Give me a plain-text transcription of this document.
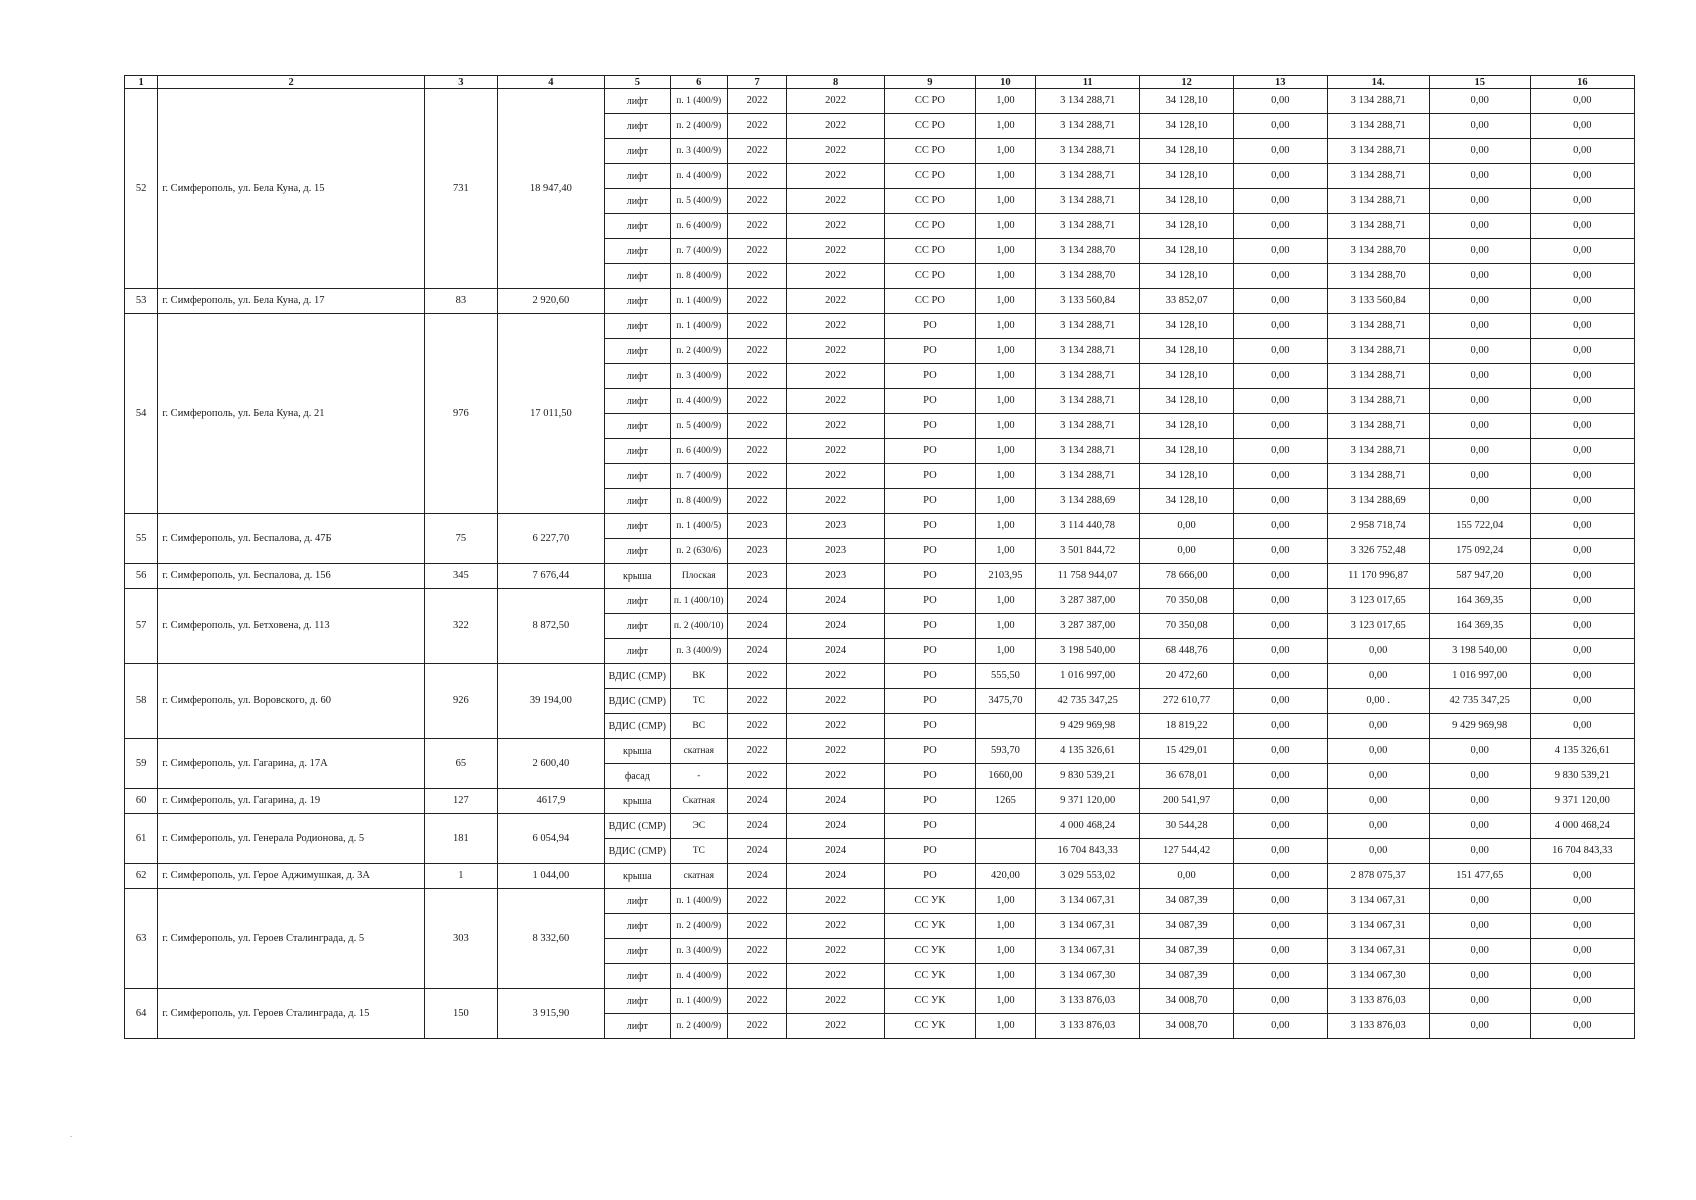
1	2	3	4	5	6	7	8	9	10	11	12	13	14.	15	16
52	г. Симферополь, ул. Бела Куна, д. 15	731	18 947,40	лифт	п. 1 (400/9)	2022	2022	СС РО	1,00	3 134 288,71	34 128,10	0,00	3 134 288,71	0,00	0,00
				лифт	п. 2 (400/9)	2022	2022	СС РО	1,00	3 134 288,71	34 128,10	0,00	3 134 288,71	0,00	0,00
				лифт	п. 3 (400/9)	2022	2022	СС РО	1,00	3 134 288,71	34 128,10	0,00	3 134 288,71	0,00	0,00
				лифт	п. 4 (400/9)	2022	2022	СС РО	1,00	3 134 288,71	34 128,10	0,00	3 134 288,71	0,00	0,00
				лифт	п. 5 (400/9)	2022	2022	СС РО	1,00	3 134 288,71	34 128,10	0,00	3 134 288,71	0,00	0,00
				лифт	п. 6 (400/9)	2022	2022	СС РО	1,00	3 134 288,71	34 128,10	0,00	3 134 288,71	0,00	0,00
				лифт	п. 7 (400/9)	2022	2022	СС РО	1,00	3 134 288,70	34 128,10	0,00	3 134 288,70	0,00	0,00
				лифт	п. 8 (400/9)	2022	2022	СС РО	1,00	3 134 288,70	34 128,10	0,00	3 134 288,70	0,00	0,00
53	г. Симферополь, ул. Бела Куна, д. 17	83	2 920,60	лифт	п. 1 (400/9)	2022	2022	СС РО	1,00	3 133 560,84	33 852,07	0,00	3 133 560,84	0,00	0,00
54	г. Симферополь, ул. Бела Куна, д. 21	976	17 011,50	лифт	п. 1 (400/9)	2022	2022	РО	1,00	3 134 288,71	34 128,10	0,00	3 134 288,71	0,00	0,00
				лифт	п. 2 (400/9)	2022	2022	РО	1,00	3 134 288,71	34 128,10	0,00	3 134 288,71	0,00	0,00
				лифт	п. 3 (400/9)	2022	2022	РО	1,00	3 134 288,71	34 128,10	0,00	3 134 288,71	0,00	0,00
				лифт	п. 4 (400/9)	2022	2022	РО	1,00	3 134 288,71	34 128,10	0,00	3 134 288,71	0,00	0,00
				лифт	п. 5 (400/9)	2022	2022	РО	1,00	3 134 288,71	34 128,10	0,00	3 134 288,71	0,00	0,00
				лифт	п. 6 (400/9)	2022	2022	РО	1,00	3 134 288,71	34 128,10	0,00	3 134 288,71	0,00	0,00
				лифт	п. 7 (400/9)	2022	2022	РО	1,00	3 134 288,71	34 128,10	0,00	3 134 288,71	0,00	0,00
				лифт	п. 8 (400/9)	2022	2022	РО	1,00	3 134 288,69	34 128,10	0,00	3 134 288,69	0,00	0,00
55	г. Симферополь, ул. Беспалова, д. 47Б	75	6 227,70	лифт	п. 1 (400/5)	2023	2023	РО	1,00	3 114 440,78	0,00	0,00	2 958 718,74	155 722,04	0,00
				лифт	п. 2 (630/6)	2023	2023	РО	1,00	3 501 844,72	0,00	0,00	3 326 752,48	175 092,24	0,00
56	г. Симферополь, ул. Беспалова, д. 156	345	7 676,44	крыша	Плоская	2023	2023	РО	2103,95	11 758 944,07	78 666,00	0,00	11 170 996,87	587 947,20	0,00
57	г. Симферополь, ул. Бетховена, д. 113	322	8 872,50	лифт	п. 1 (400/10)	2024	2024	РО	1,00	3 287 387,00	70 350,08	0,00	3 123 017,65	164 369,35	0,00
				лифт	п. 2 (400/10)	2024	2024	РО	1,00	3 287 387,00	70 350,08	0,00	3 123 017,65	164 369,35	0,00
				лифт	п. 3 (400/9)	2024	2024	РО	1,00	3 198 540,00	68 448,76	0,00	0,00	3 198 540,00	0,00
58	г. Симферополь, ул. Воровского, д. 60	926	39 194,00	ВДИС (СМР)	ВК	2022	2022	РО	555,50	1 016 997,00	20 472,60	0,00	0,00	1 016 997,00	0,00
				ВДИС (СМР)	ТС	2022	2022	РО	3475,70	42 735 347,25	272 610,77	0,00	0,00 .	42 735 347,25	0,00
				ВДИС (СМР)	ВС	2022	2022	РО		9 429 969,98	18 819,22	0,00	0,00	9 429 969,98	0,00
59	г. Симферополь, ул. Гагарина, д. 17А	65	2 600,40	крыша	скатная	2022	2022	РО	593,70	4 135 326,61	15 429,01	0,00	0,00	0,00	4 135 326,61
				фасад	-	2022	2022	РО	1660,00	9 830 539,21	36 678,01	0,00	0,00	0,00	9 830 539,21
60	г. Симферополь, ул. Гагарина, д. 19	127	4617,9	крыша	Скатная	2024	2024	РО	1265	9 371 120,00	200 541,97	0,00	0,00	0,00	9 371 120,00
61	г. Симферополь, ул. Генерала Родионова, д. 5	181	6 054,94	ВДИС (СМР)	ЭС	2024	2024	РО		4 000 468,24	30 544,28	0,00	0,00	0,00	4 000 468,24
				ВДИС (СМР)	ТС	2024	2024	РО		16 704 843,33	127 544,42	0,00	0,00	0,00	16 704 843,33
62	г. Симферополь, ул. Герое Аджимушкая, д. 3А	1	1 044,00	крыша	скатная	2024	2024	РО	420,00	3 029 553,02	0,00	0,00	2 878 075,37	151 477,65	0,00
63	г. Симферополь, ул. Героев Сталинграда, д. 5	303	8 332,60	лифт	п. 1 (400/9)	2022	2022	СС УК	1,00	3 134 067,31	34 087,39	0,00	3 134 067,31	0,00	0,00
				лифт	п. 2 (400/9)	2022	2022	СС УК	1,00	3 134 067,31	34 087,39	0,00	3 134 067,31	0,00	0,00
				лифт	п. 3 (400/9)	2022	2022	СС УК	1,00	3 134 067,31	34 087,39	0,00	3 134 067,31	0,00	0,00
				лифт	п. 4 (400/9)	2022	2022	СС УК	1,00	3 134 067,30	34 087,39	0,00	3 134 067,30	0,00	0,00
64	г. Симферополь, ул. Героев Сталинграда, д. 15	150	3 915,90	лифт	п. 1 (400/9)	2022	2022	СС УК	1,00	3 133 876,03	34 008,70	0,00	3 133 876,03	0,00	0,00
				лифт	п. 2 (400/9)	2022	2022	СС УК	1,00	3 133 876,03	34 008,70	0,00	3 133 876,03	0,00	0,00
.
